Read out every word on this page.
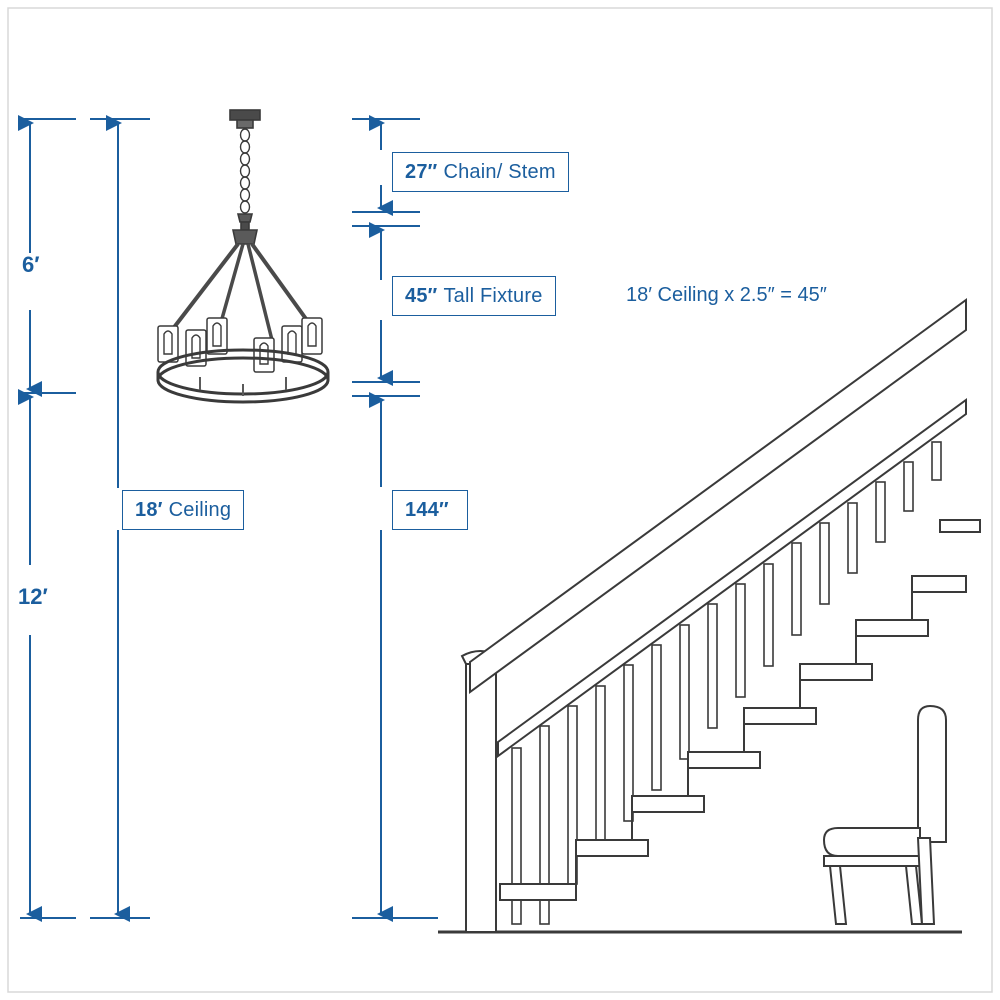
6′
12′
27″ Chain/ Stem
45″ Tall Fixture	18′ Ceiling x 2.5″ = 45″
18′ Ceiling	144″
